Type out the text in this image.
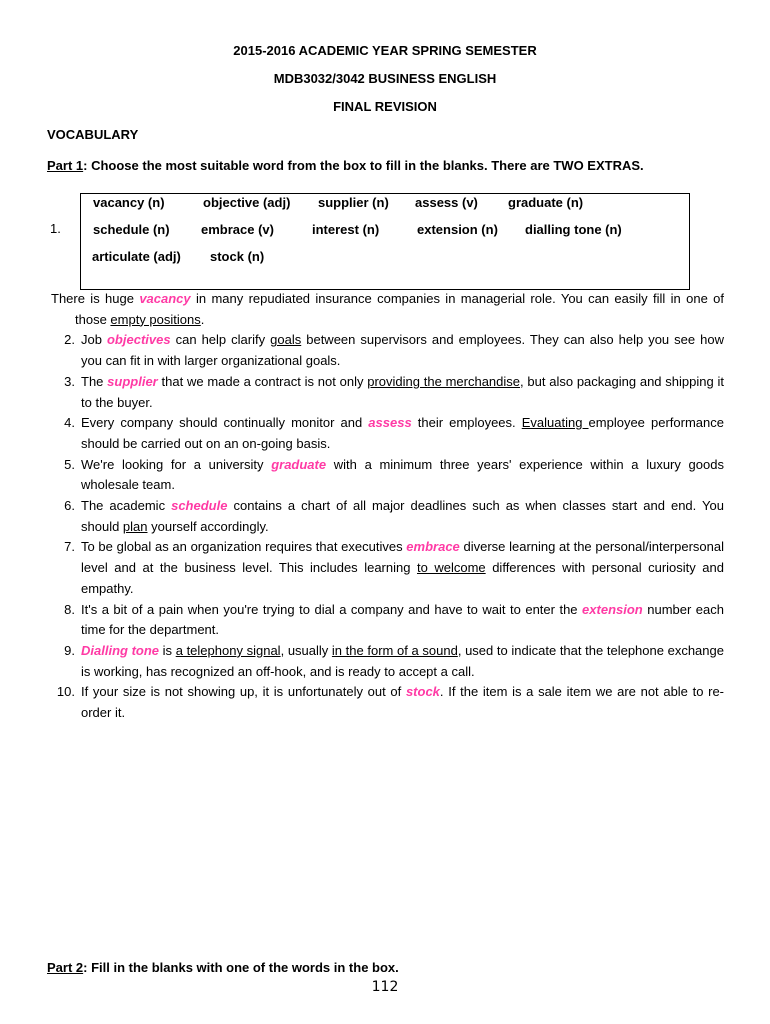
2015-2016 ACADEMIC YEAR SPRING SEMESTER
MDB3032/3042 BUSINESS ENGLISH
FINAL REVISION
VOCABULARY
Part 1: Choose the most suitable word from the box to fill in the blanks. There are TWO EXTRAS.
1.
vacancy (n)	objective (adj) supplier (n) assess (v) graduate (n)
schedule (n) embrace (v)	interest (n)	extension (n) dialling tone (n)
articulate (adj) stock (n)
There is huge vacancy in many repudiated insurance companies in managerial role. You can easily fill in one of those empty positions.
2. Job objectives can help clarify goals between supervisors and employees. They can also help you see how you can fit in with larger organizational goals.
3. The supplier that we made a contract is not only providing the merchandise, but also packaging and shipping it to the buyer.
4. Every company should continually monitor and assess their employees. Evaluating employee performance should be carried out on an on-going basis.
5. We're looking for a university graduate with a minimum three years' experience within a luxury goods wholesale team.
6. The academic schedule contains a chart of all major deadlines such as when classes start and end. You should plan yourself accordingly.
7. To be global as an organization requires that executives embrace diverse learning at the personal/interpersonal level and at the business level. This includes learning to welcome differences with personal curiosity and empathy.
8. It's a bit of a pain when you're trying to dial a company and have to wait to enter the extension number each time for the department.
9. Dialling tone is a telephony signal, usually in the form of a sound, used to indicate that the telephone exchange is working, has recognized an off-hook, and is ready to accept a call.
10. If your size is not showing up, it is unfortunately out of stock. If the item is a sale item we are not able to re-order it.
Part 2: Fill in the blanks with one of the words in the box.
112
